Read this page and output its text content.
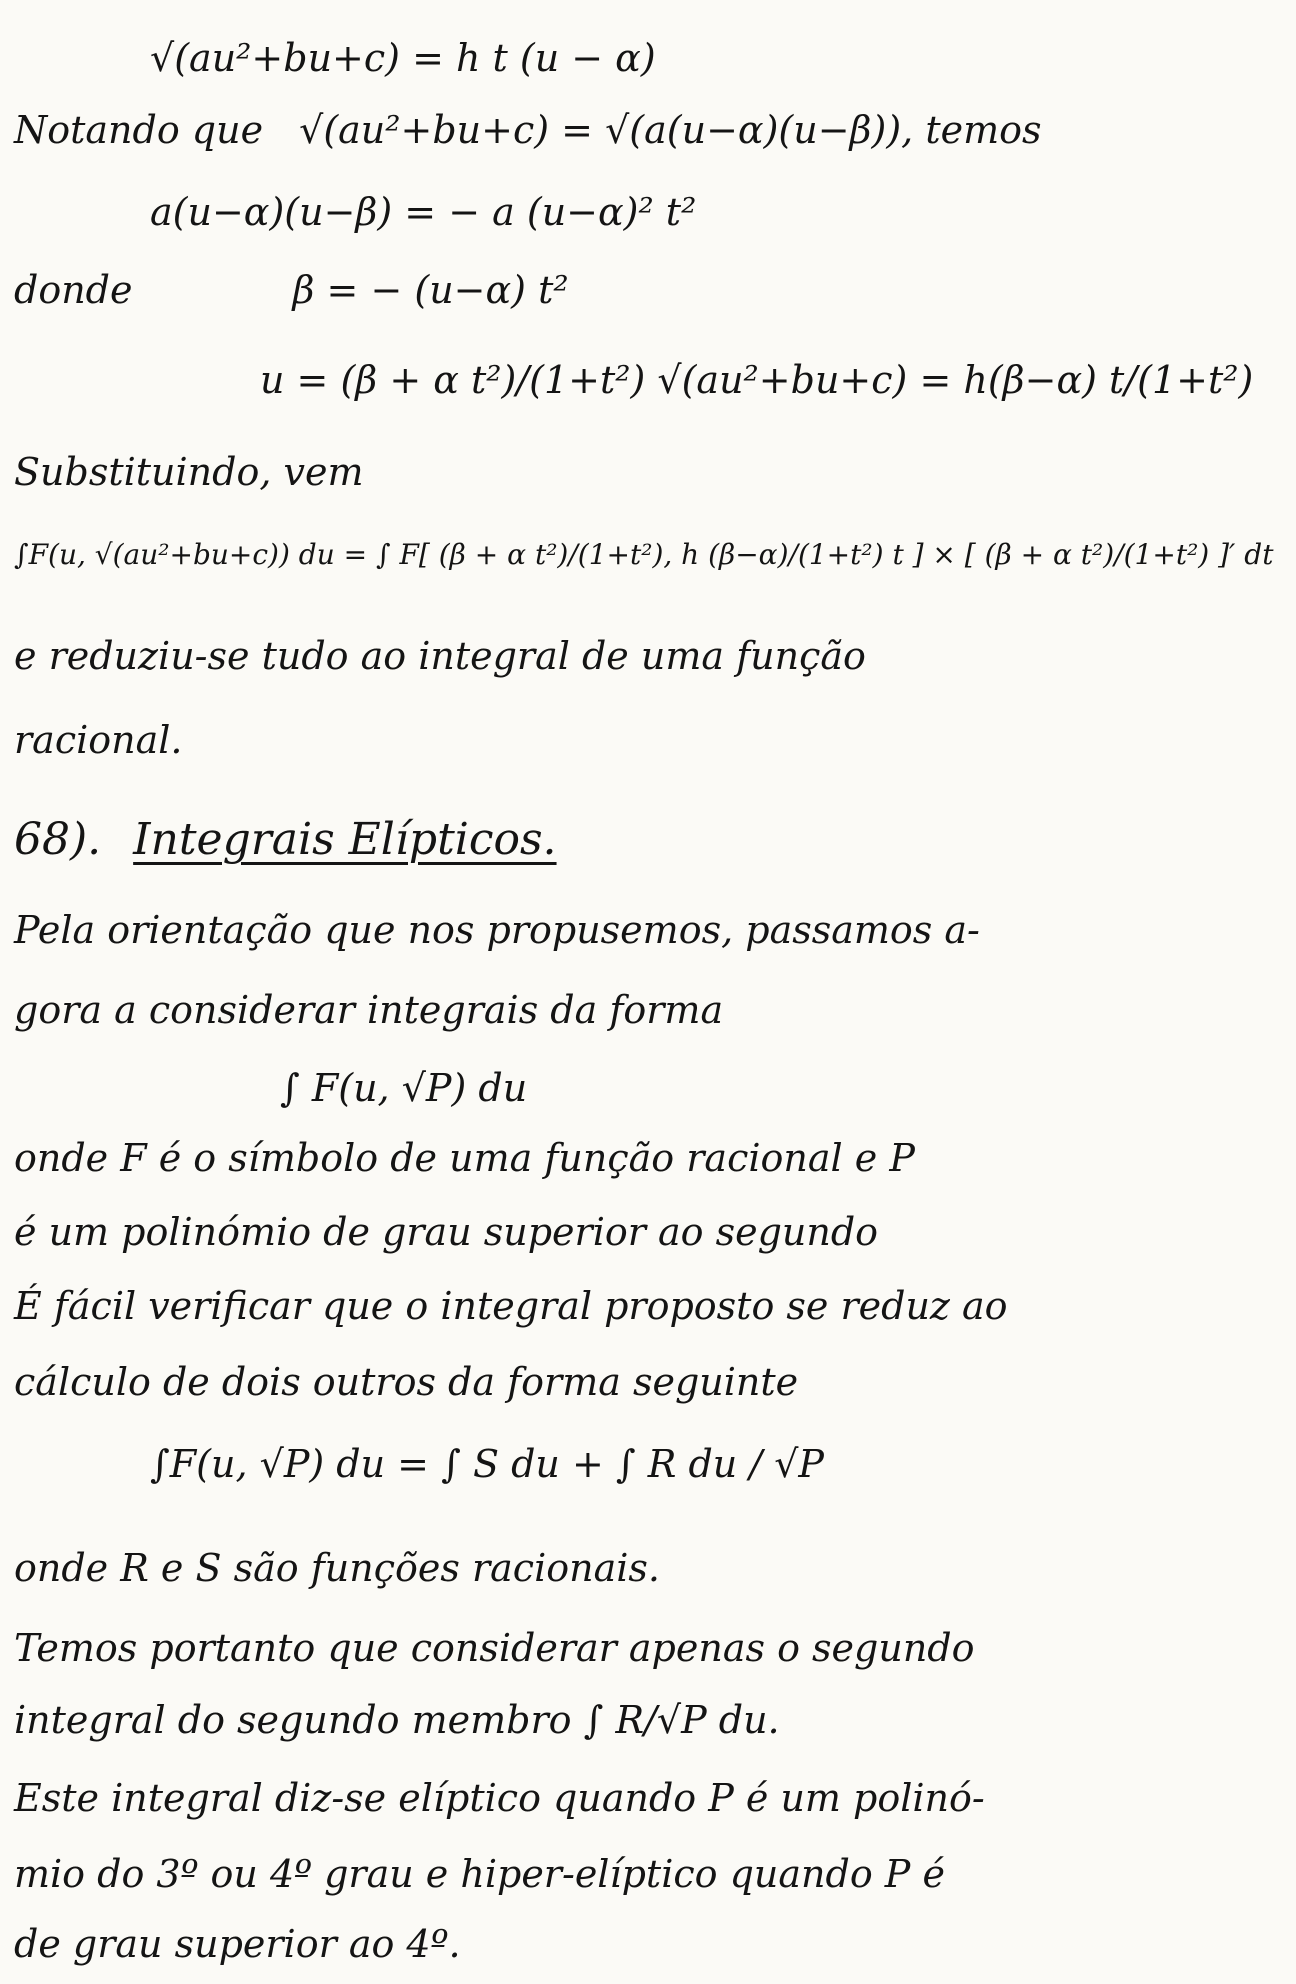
√(au²+bu+c) = h t (u − α)
Notando que √(au²+bu+c) = √(a(u−α)(u−β)), temos
a(u−α)(u−β) = − a (u−α)² t²
donde	β = − (u−α) t²
u = (β + α t²)/(1+t²) √(au²+bu+c) = h(β−α) t/(1+t²)
Substituindo, vem
∫F(u, √(au²+bu+c)) du = ∫ F[ (β + α t²)/(1+t²), h (β−α)/(1+t²) t ] × [ (β + α t²)/(1+t²) ]′ dt
e reduziu-se tudo ao integral de uma função
racional.
68). Integrais Elípticos.
Pela orientação que nos propusemos, passamos a-
gora a considerar integrais da forma
∫ F(u, √P) du
onde F é o símbolo de uma função racional e P
é um polinómio de grau superior ao segundo
É fácil verificar que o integral proposto se reduz ao
cálculo de dois outros da forma seguinte
∫F(u, √P) du = ∫ S du + ∫ R du / √P
onde R e S são funções racionais.
Temos portanto que considerar apenas o segundo
integral do segundo membro ∫ R/√P du.
Este integral diz-se elíptico quando P é um polinó-
mio do 3º ou 4º grau e hiper-elíptico quando P é
de grau superior ao 4º.
